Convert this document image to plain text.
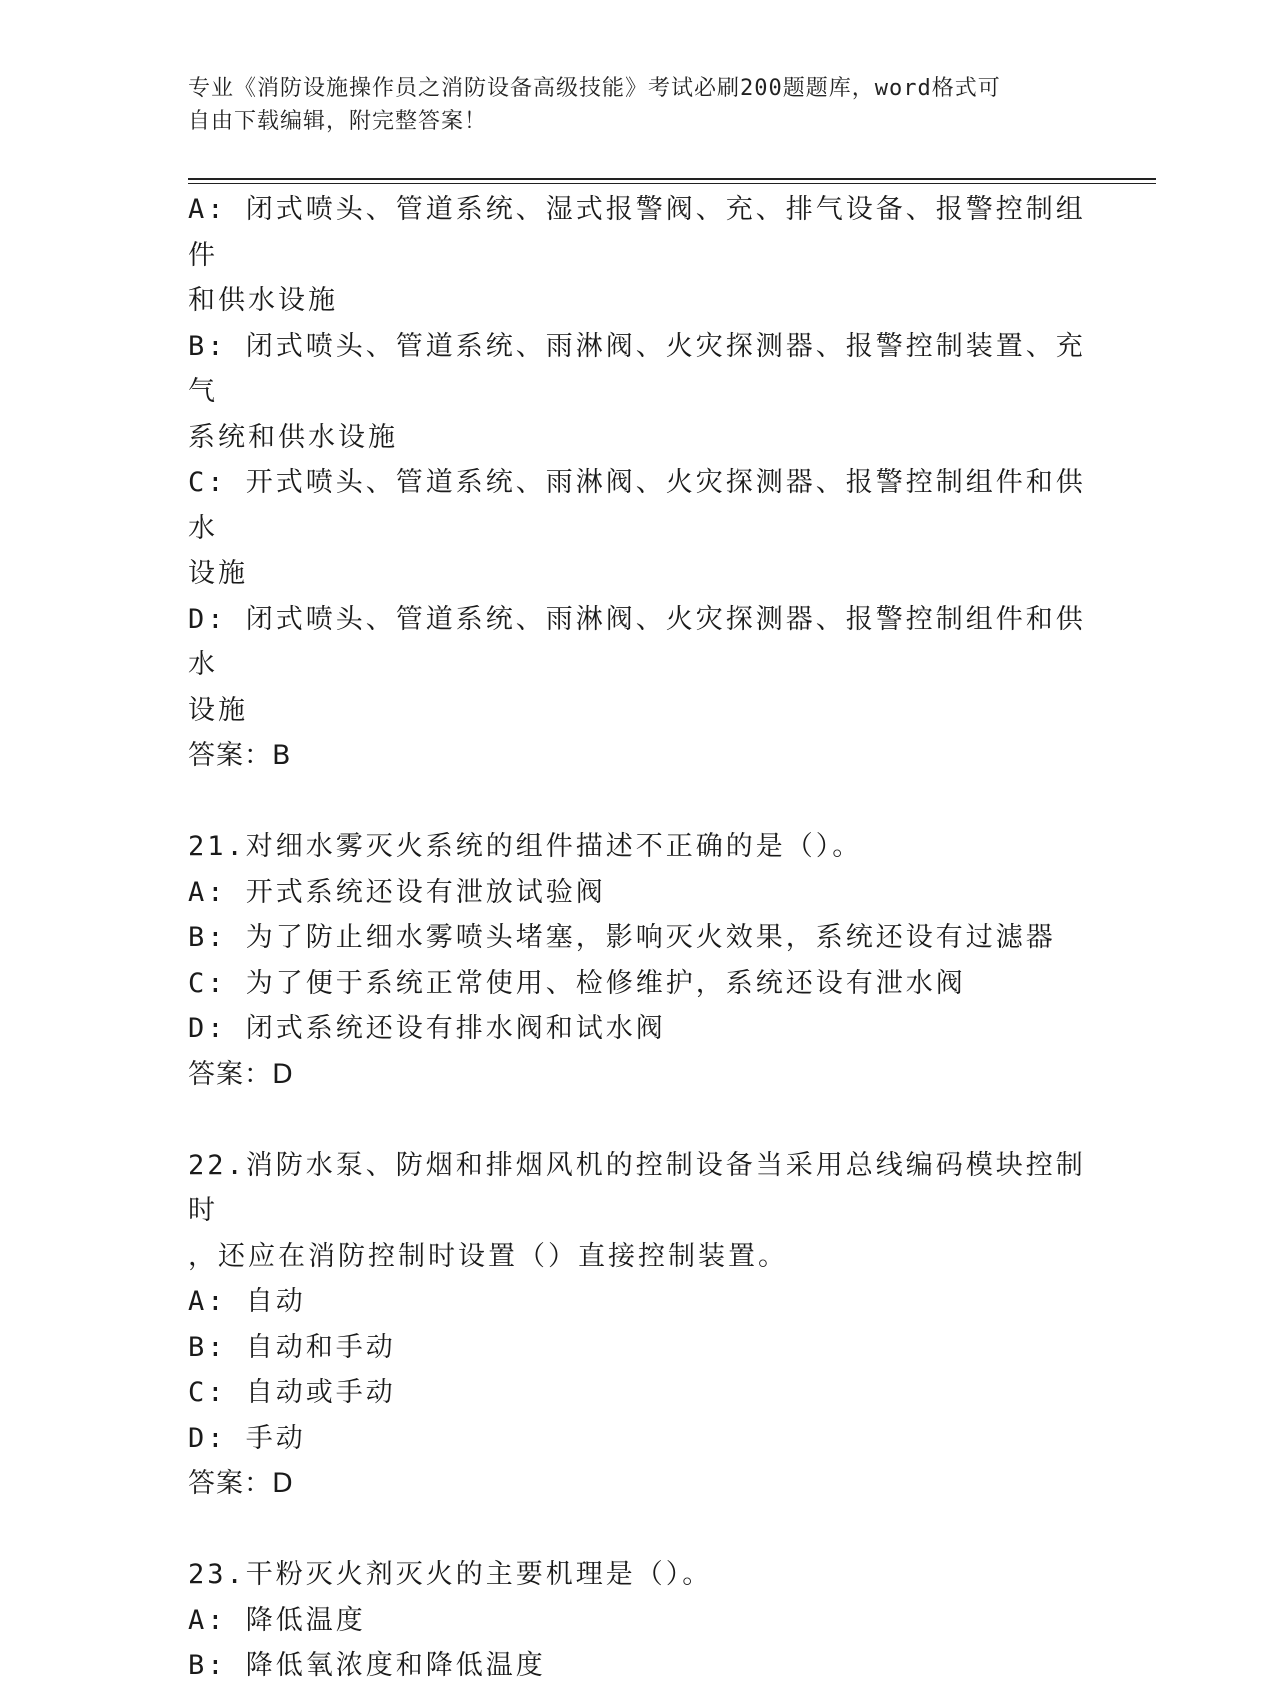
专业《消防设施操作员之消防设备高级技能》考试必刷200题题库，word格式可
自由下载编辑，附完整答案！
A: 闭式喷头、管道系统、湿式报警阀、充、排气设备、报警控制组件
和供水设施
B: 闭式喷头、管道系统、雨淋阀、火灾探测器、报警控制装置、充气
系统和供水设施
C: 开式喷头、管道系统、雨淋阀、火灾探测器、报警控制组件和供水
设施
D: 闭式喷头、管道系统、雨淋阀、火灾探测器、报警控制组件和供水
设施
答案：B
21.对细水雾灭火系统的组件描述不正确的是（）。
A: 开式系统还设有泄放试验阀
B: 为了防止细水雾喷头堵塞，影响灭火效果，系统还设有过滤器
C: 为了便于系统正常使用、检修维护，系统还设有泄水阀
D: 闭式系统还设有排水阀和试水阀
答案：D
22.消防水泵、防烟和排烟风机的控制设备当采用总线编码模块控制时
，还应在消防控制时设置（）直接控制装置。
A: 自动
B: 自动和手动
C: 自动或手动
D: 手动
答案：D
23.干粉灭火剂灭火的主要机理是（）。
A: 降低温度
B: 降低氧浓度和降低温度
